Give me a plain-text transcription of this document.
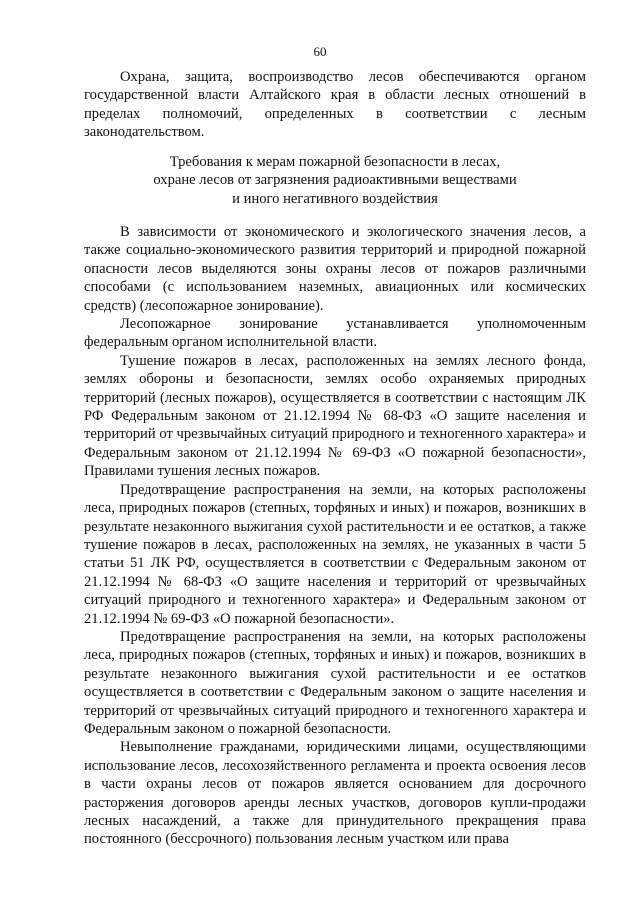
60

Охрана, защита, воспроизводство лесов обеспечиваются органом государственной власти Алтайского края в области лесных отношений в пределах полномочий, определенных в соответствии с лесным законодательством.

Требования к мерам пожарной безопасности в лесах,
охране лесов от загрязнения радиоактивными веществами
и иного негативного воздействия

В зависимости от экономического и экологического значения лесов, а также социально-экономического развития территорий и природной пожарной опасности лесов выделяются зоны охраны лесов от пожаров различными способами (с использованием наземных, авиационных или космических средств) (лесопожарное зонирование).

Лесопожарное зонирование устанавливается уполномоченным федеральным органом исполнительной власти.

Тушение пожаров в лесах, расположенных на землях лесного фонда, землях обороны и безопасности, землях особо охраняемых природных территорий (лесных пожаров), осуществляется в соответствии с настоящим ЛК РФ Федеральным законом от 21.12.1994 № 68-ФЗ «О защите населения и территорий от чрезвычайных ситуаций природного и техногенного характера» и Федеральным законом от 21.12.1994 № 69-ФЗ «О пожарной безопасности», Правилами тушения лесных пожаров.

Предотвращение распространения на земли, на которых расположены леса, природных пожаров (степных, торфяных и иных) и пожаров, возникших в результате незаконного выжигания сухой растительности и ее остатков, а также тушение пожаров в лесах, расположенных на землях, не указанных в части 5 статьи 51 ЛК РФ, осуществляется в соответствии с Федеральным законом от 21.12.1994 № 68-ФЗ «О защите населения и территорий от чрезвычайных ситуаций природного и техногенного характера» и Федеральным законом от 21.12.1994 № 69-ФЗ «О пожарной безопасности».

Предотвращение распространения на земли, на которых расположены леса, природных пожаров (степных, торфяных и иных) и пожаров, возникших в результате незаконного выжигания сухой растительности и ее остатков осуществляется в соответствии с Федеральным законом о защите населения и территорий от чрезвычайных ситуаций природного и техногенного характера и Федеральным законом о пожарной безопасности.

Невыполнение гражданами, юридическими лицами, осуществляющими использование лесов, лесохозяйственного регламента и проекта освоения лесов в части охраны лесов от пожаров является основанием для досрочного расторжения договоров аренды лесных участков, договоров купли-продажи лесных насаждений, а также для принудительного прекращения права постоянного (бессрочного) пользования лесным участком или права
